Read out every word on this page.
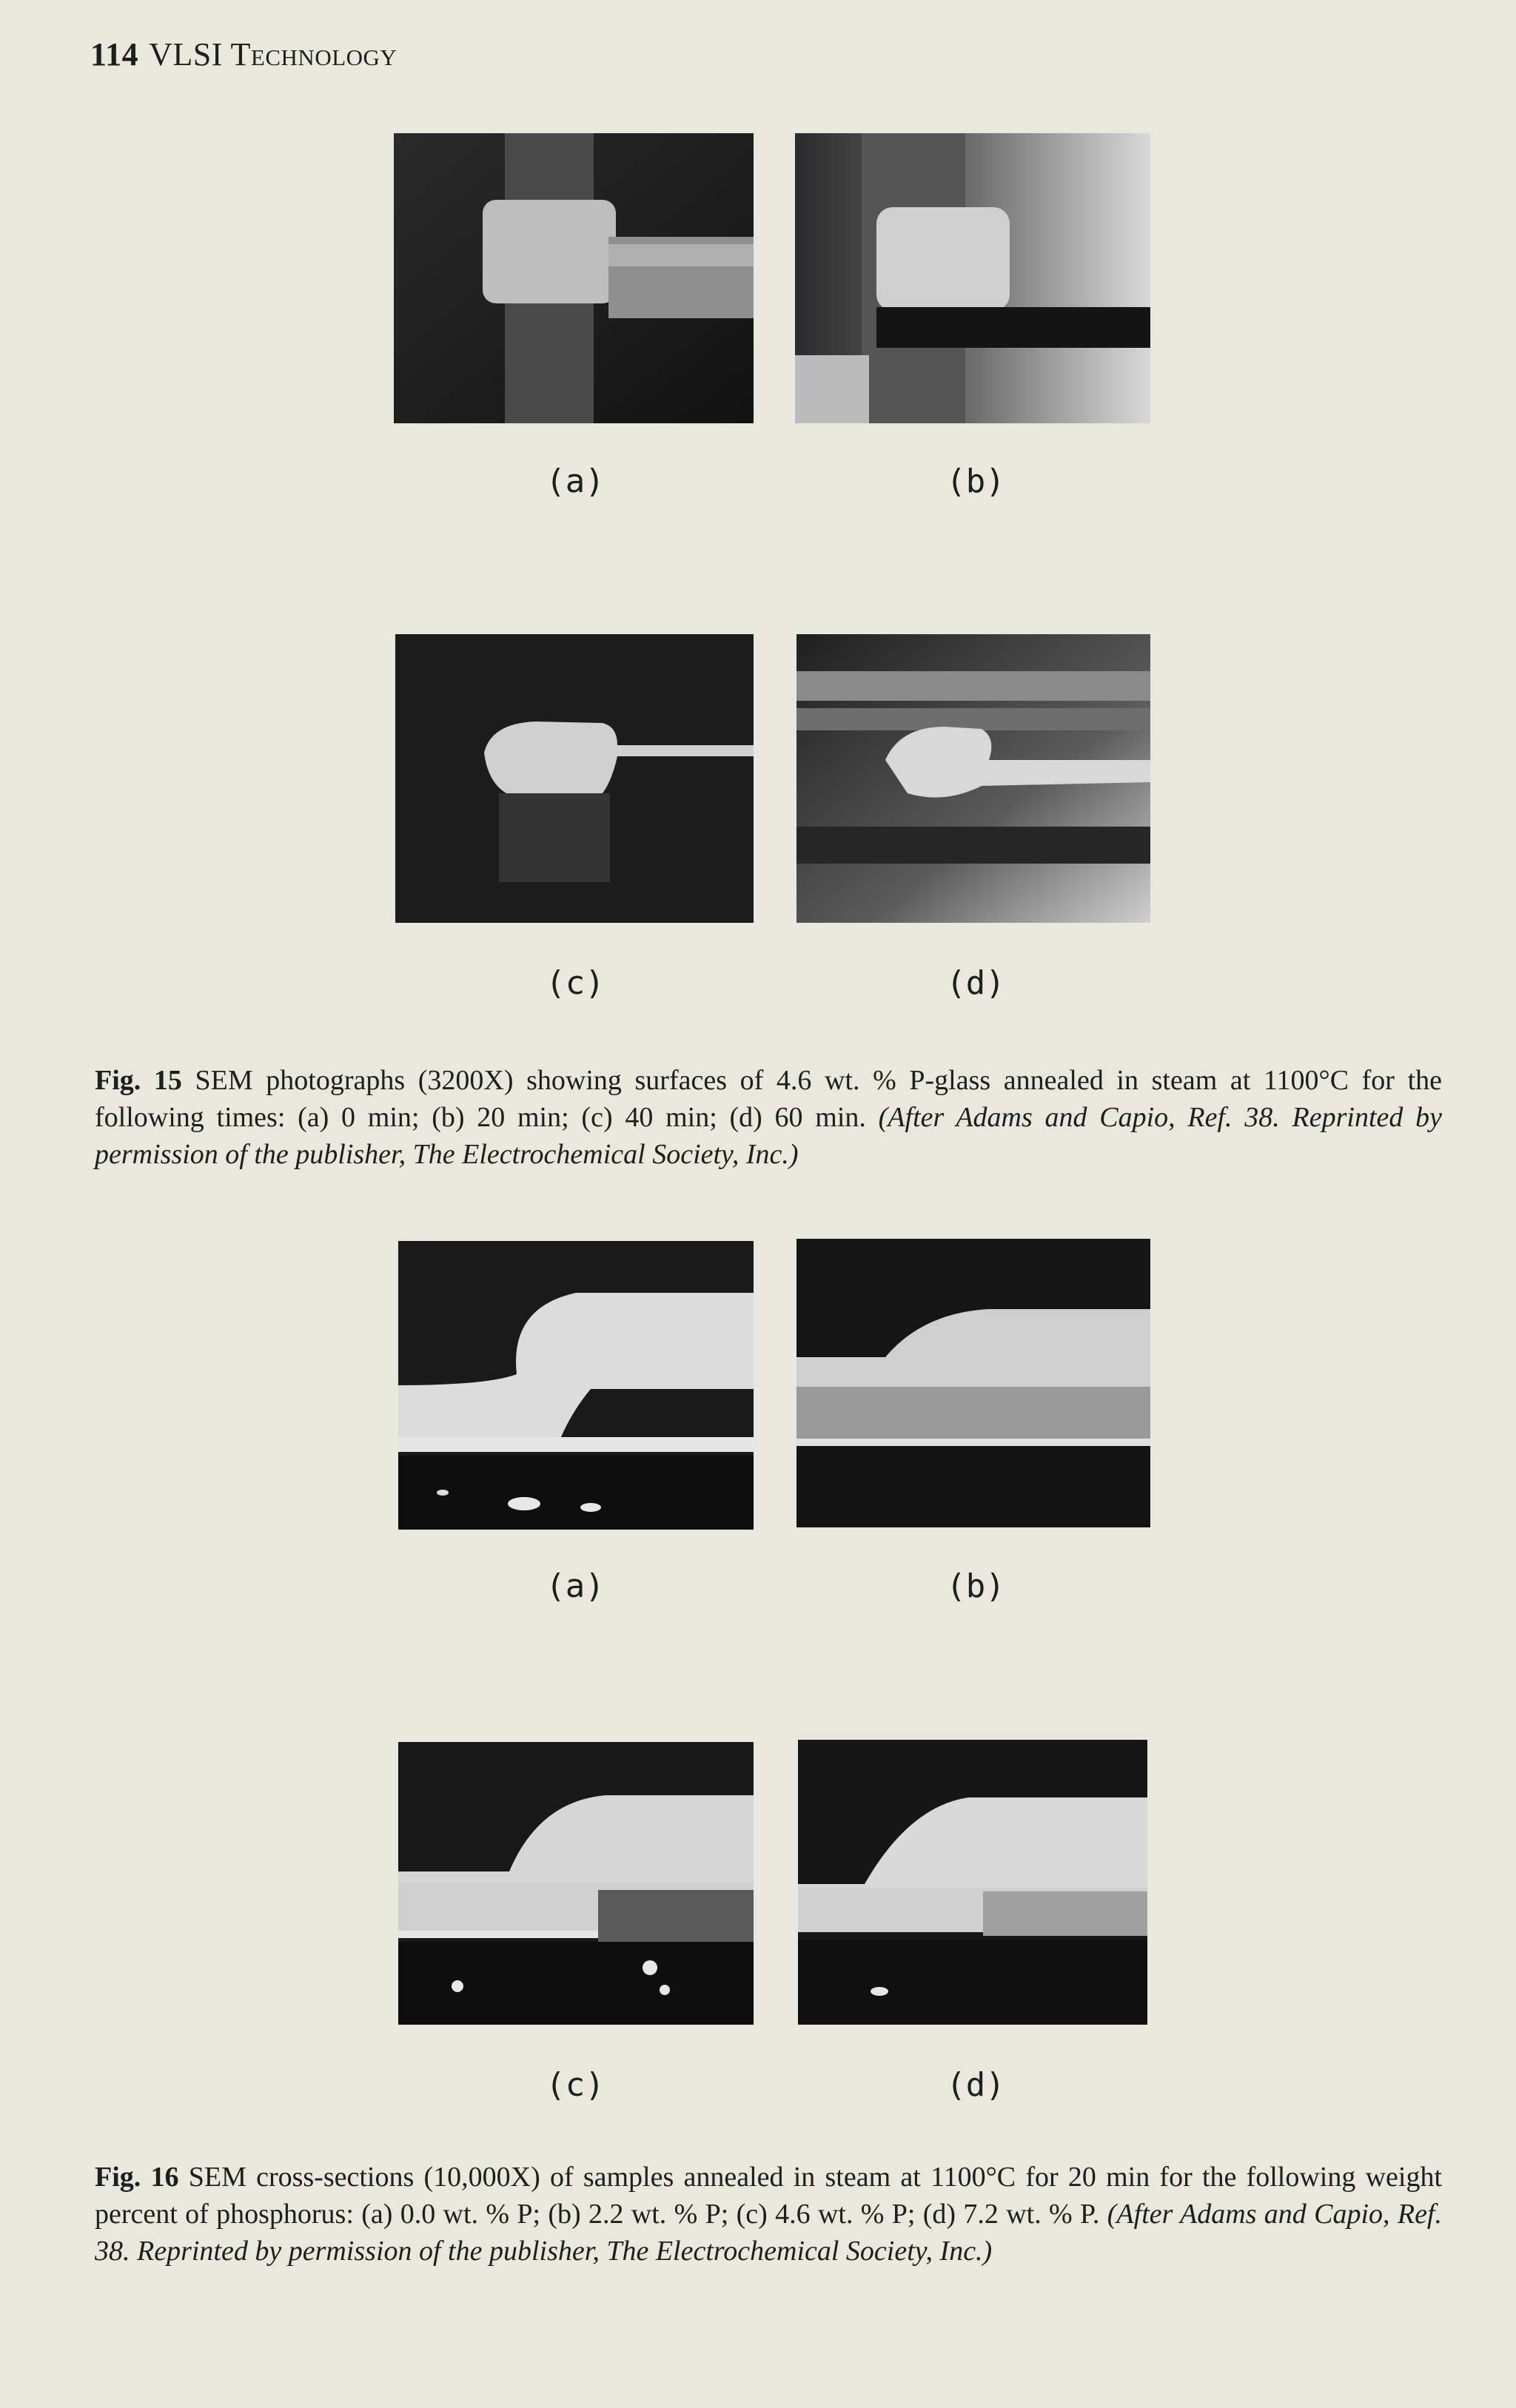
114 VLSI Technology
(a)	(b)
(c)	(d)
Fig. 15 SEM photographs (3200X) showing surfaces of 4.6 wt. % P-glass annealed in steam at 1100°C for the following times: (a) 0 min; (b) 20 min; (c) 40 min; (d) 60 min. (After Adams and Capio, Ref. 38. Reprinted by permission of the publisher, The Electrochemical Society, Inc.)
(a)	(b)
(c)	(d)
Fig. 16 SEM cross-sections (10,000X) of samples annealed in steam at 1100°C for 20 min for the following weight percent of phosphorus: (a) 0.0 wt. % P; (b) 2.2 wt. % P; (c) 4.6 wt. % P; (d) 7.2 wt. % P. (After Adams and Capio, Ref. 38. Reprinted by permission of the publisher, The Electrochemical Society, Inc.)
